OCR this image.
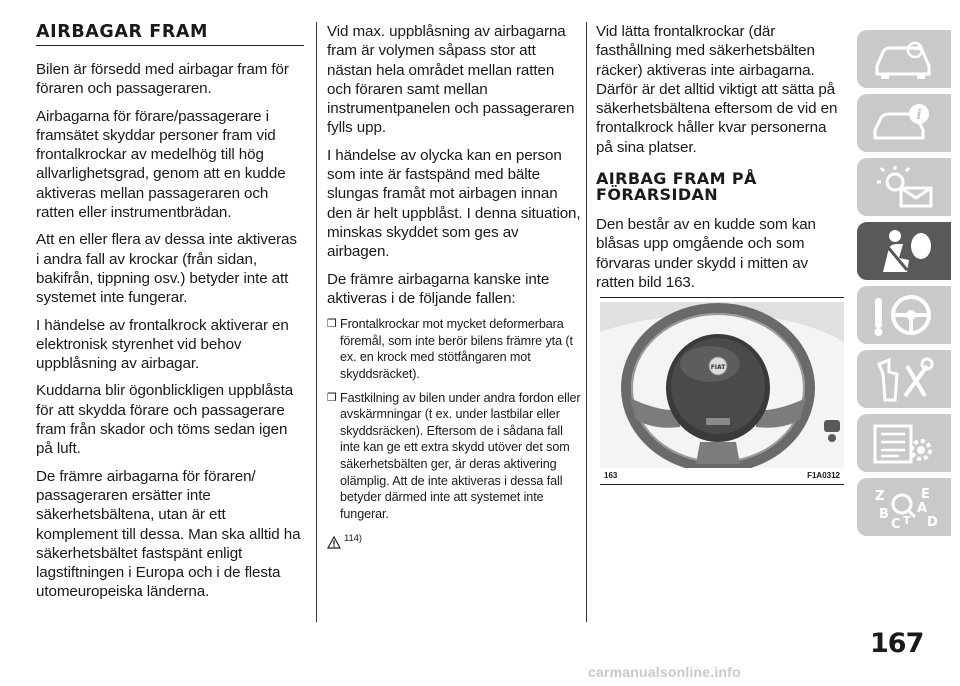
AIRBAGAR FRAM

Bilen är försedd med airbagar fram för föraren och passageraren.

Airbagarna för förare/passagerare i framsätet skyddar personer fram vid frontalkrockar av medelhög till hög allvarlighetsgrad, genom att en kudde aktiveras mellan passageraren och ratten eller instrumentbrädan.

Att en eller flera av dessa inte aktiveras i andra fall av krockar (från sidan, bakifrån, tippning osv.) betyder inte att systemet inte fungerar.

I händelse av frontalkrock aktiverar en elektronisk styrenhet vid behov uppblåsning av airbagar.

Kuddarna blir ögonblickligen uppblåsta för att skydda förare och passagerare fram från skador och töms sedan igen på luft.

De främre airbagarna för föraren/ passageraren ersätter inte säkerhetsbältena, utan är ett komplement till dessa. Man ska alltid ha säkerhetsbältet fastspänt enligt lagstiftningen i Europa och i de flesta utomeuropeiska länderna.

Vid max. uppblåsning av airbagarna fram är volymen såpass stor att nästan hela området mellan ratten och föraren samt mellan instrumentpanelen och passageraren fylls upp.

I händelse av olycka kan en person som inte är fastspänd med bälte slungas framåt mot airbagen innan den är helt uppblåst. I denna situation, minskas skyddet som ges av airbagen.

De främre airbagarna kanske inte aktiveras i de följande fallen:

❒ Frontalkrockar mot mycket deformerbara föremål, som inte berör bilens främre yta (t ex. en krock med stötfångaren mot skyddsräcket).
❒ Fastkilning av bilen under andra fordon eller avskärmningar (t ex. under lastbilar eller skyddsräcken). Eftersom de i sådana fall inte kan ge ett extra skydd utöver det som säkerhetsbälten ger, är deras aktivering olämplig. Att de inte aktiveras i dessa fall betyder därmed inte att systemet inte fungerar.
114)

Vid lätta frontalkrockar (där fasthållning med säkerhetsbälten räcker) aktiveras inte airbagarna. Därför är det alltid viktigt att sätta på säkerhetsbältena eftersom de vid en frontalkrock håller kvar personerna på sina platser.

AIRBAG FRAM PÅ FÖRARSIDAN

Den består av en kudde som kan blåsas upp omgående och som förvaras under skydd i mitten av ratten bild 163.

FIAT
163	F1A0312
i
Z	E
A
B
C D
T
167
carmanualsonline.info
